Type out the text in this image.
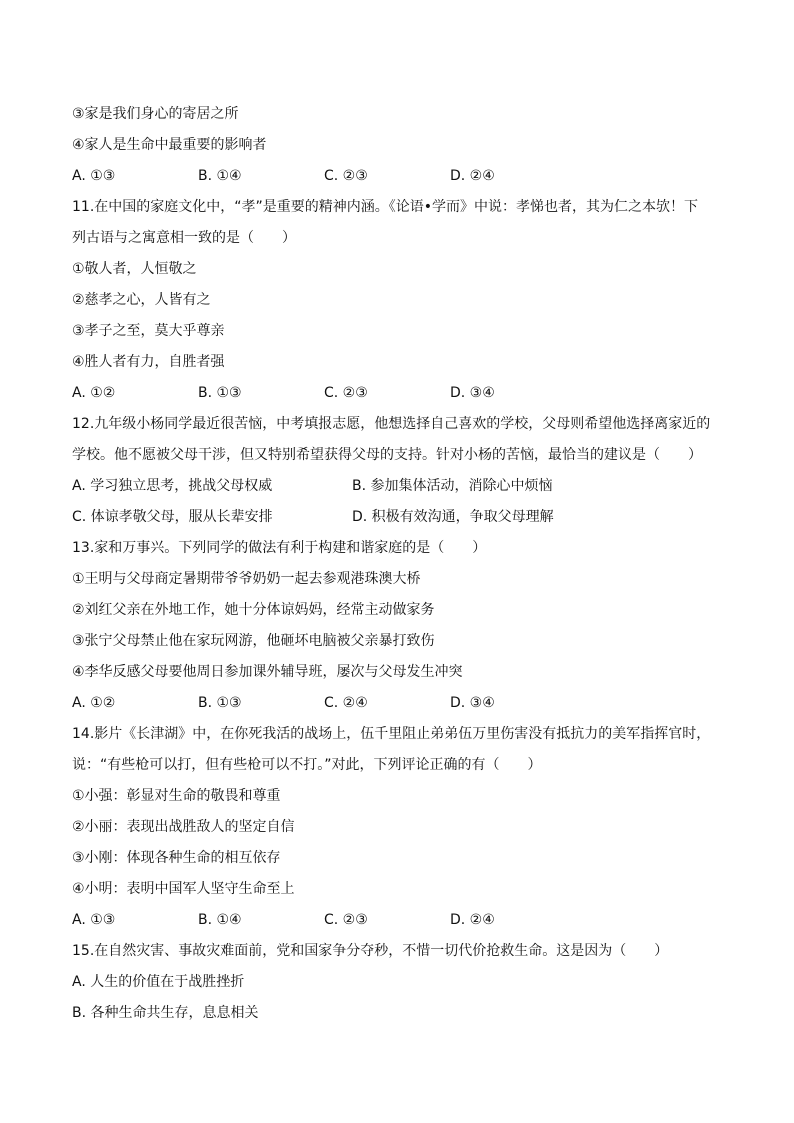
③家是我们身心的寄居之所
④家人是生命中最重要的影响者
A. ①③	B. ①④	C. ②③	D. ②④
11.在中国的家庭文化中，“孝”是重要的精神内涵。《论语•学而》中说：孝悌也者，其为仁之本欤！下
列古语与之寓意相一致的是（　　）
①敬人者，人恒敬之
②慈孝之心，人皆有之
③孝子之至，莫大乎尊亲
④胜人者有力，自胜者强
A. ①②	B. ①③	C. ②③	D. ③④
12.九年级小杨同学最近很苦恼，中考填报志愿，他想选择自己喜欢的学校，父母则希望他选择离家近的
学校。他不愿被父母干涉，但又特别希望获得父母的支持。针对小杨的苦恼，最恰当的建议是（　　）
A. 学习独立思考，挑战父母权威	B. 参加集体活动，消除心中烦恼
C. 体谅孝敬父母，服从长辈安排	D. 积极有效沟通，争取父母理解
13.家和万事兴。下列同学的做法有利于构建和谐家庭的是（　　）
①王明与父母商定暑期带爷爷奶奶一起去参观港珠澳大桥
②刘红父亲在外地工作，她十分体谅妈妈，经常主动做家务
③张宁父母禁止他在家玩网游，他砸坏电脑被父亲暴打致伤
④李华反感父母要他周日参加课外辅导班，屡次与父母发生冲突
A. ①②	B. ①③	C. ②④	D. ③④
14.影片《长津湖》中，在你死我活的战场上，伍千里阻止弟弟伍万里伤害没有抵抗力的美军指挥官时，
说：“有些枪可以打，但有些枪可以不打。”对此，下列评论正确的有（　　）
①小强：彰显对生命的敬畏和尊重
②小丽：表现出战胜敌人的坚定自信
③小刚：体现各种生命的相互依存
④小明：表明中国军人坚守生命至上
A. ①③	B. ①④	C. ②③	D. ②④
15.在自然灾害、事故灾难面前，党和国家争分夺秒，不惜一切代价抢救生命。这是因为（　　）
A. 人生的价值在于战胜挫折
B. 各种生命共生存，息息相关
